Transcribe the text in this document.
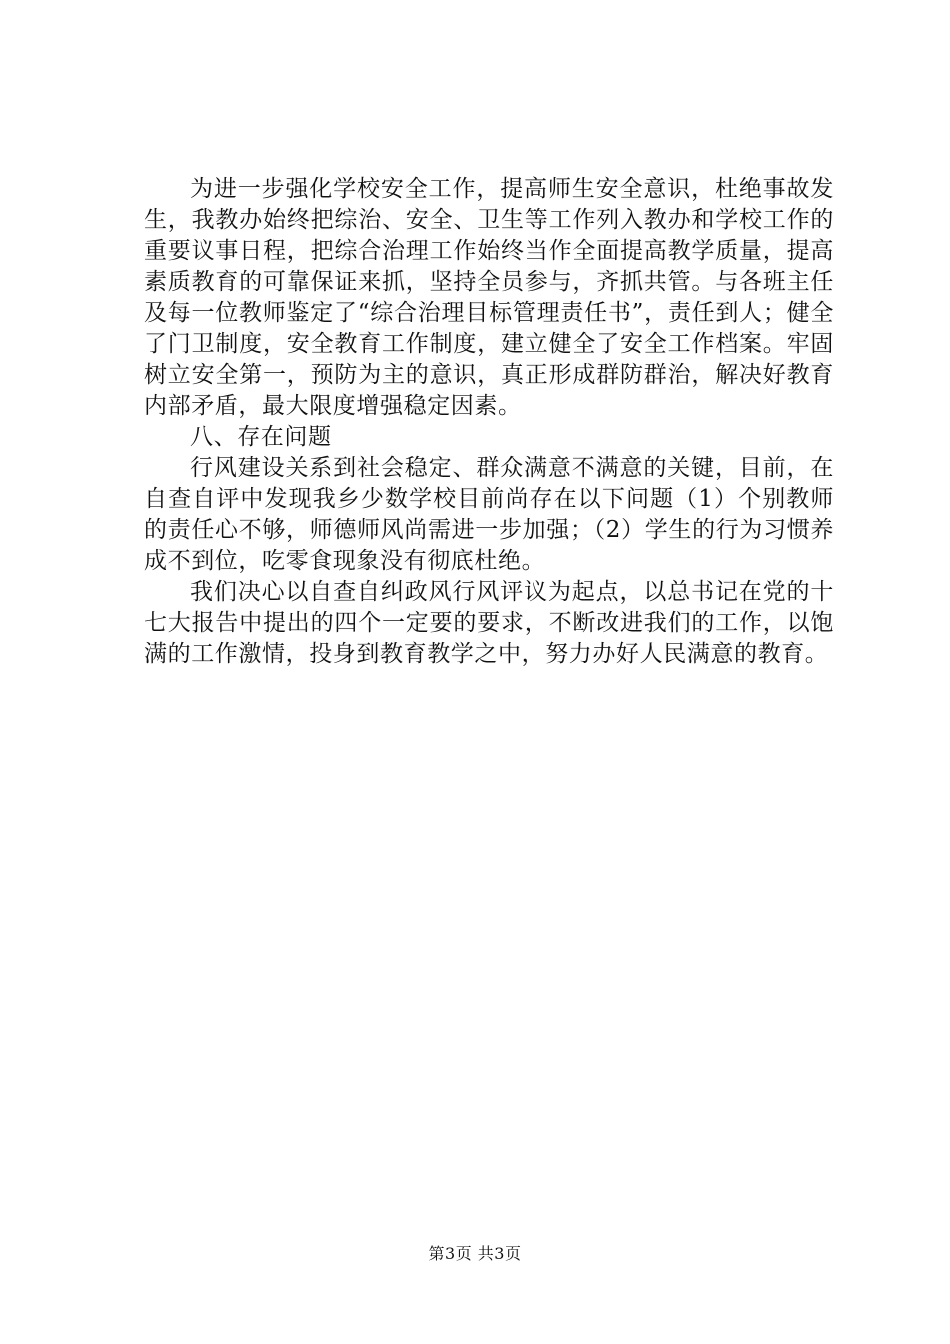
为进一步强化学校安全工作，提高师生安全意识，杜绝事故发生，我教办始终把综治、安全、卫生等工作列入教办和学校工作的重要议事日程，把综合治理工作始终当作全面提高教学质量，提高素质教育的可靠保证来抓，坚持全员参与，齐抓共管。与各班主任及每一位教师鉴定了“综合治理目标管理责任书”，责任到人；健全了门卫制度，安全教育工作制度，建立健全了安全工作档案。牢固树立安全第一，预防为主的意识，真正形成群防群治，解决好教育内部矛盾，最大限度增强稳定因素。

八、存在问题

行风建设关系到社会稳定、群众满意不满意的关键，目前，在自查自评中发现我乡少数学校目前尚存在以下问题（1）个别教师的责任心不够，师德师风尚需进一步加强；（2）学生的行为习惯养成不到位，吃零食现象没有彻底杜绝。

我们决心以自查自纠政风行风评议为起点，以总书记在党的十七大报告中提出的四个一定要的要求，不断改进我们的工作，以饱满的工作激情，投身到教育教学之中，努力办好人民满意的教育。

第3页 共3页
